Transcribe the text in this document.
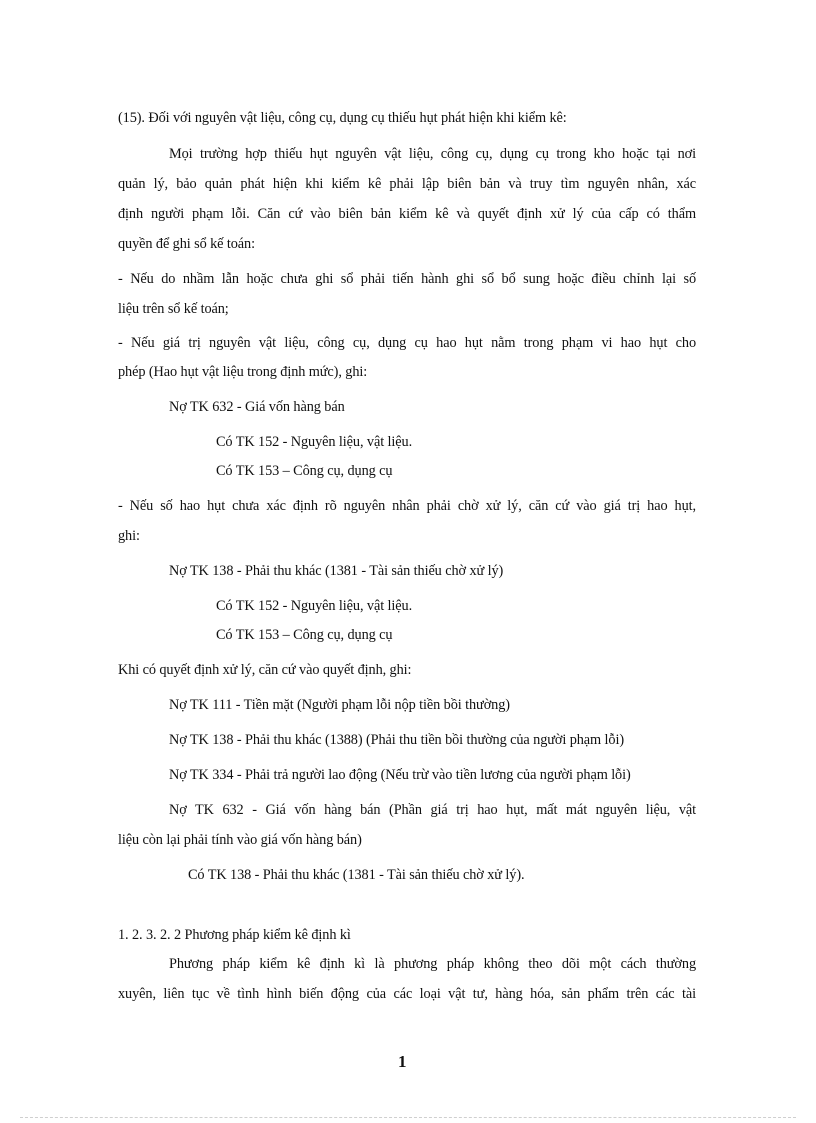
(15). Đối với nguyên vật liệu, công cụ, dụng cụ thiếu hụt phát hiện khi kiểm kê:
Mọi trường hợp thiếu hụt nguyên vật liệu, công cụ, dụng cụ trong kho hoặc tại nơi
quản lý, bảo quản phát hiện khi kiểm kê phải lập biên bản và truy tìm nguyên nhân, xác
định người phạm lỗi. Căn cứ vào biên bản kiểm kê và quyết định xử lý của cấp có thẩm
quyền để ghi sổ kế toán:
- Nếu do nhầm lẫn hoặc chưa ghi sổ phải tiến hành ghi sổ bổ sung hoặc điều chỉnh lại số
liệu trên sổ kế toán;
- Nếu giá trị nguyên vật liệu, công cụ, dụng cụ hao hụt nằm trong phạm vi hao hụt cho
phép (Hao hụt vật liệu trong định mức), ghi:
Nợ TK 632 - Giá vốn hàng bán
Có TK 152 - Nguyên liệu, vật liệu.
Có TK 153 – Công cụ, dụng cụ
- Nếu số hao hụt chưa xác định rõ nguyên nhân phải chờ xử lý, căn cứ vào giá trị hao hụt,
ghi:
Nợ TK 138 - Phải thu khác (1381 - Tài sản thiếu chờ xử lý)
Có TK 152 - Nguyên liệu, vật liệu.
Có TK 153 – Công cụ, dụng cụ
Khi có quyết định xử lý, căn cứ vào quyết định, ghi:
Nợ TK 111 - Tiền mặt (Người phạm lỗi nộp tiền bồi thường)
Nợ TK 138 - Phải thu khác (1388) (Phải thu tiền bồi thường của người phạm lỗi)
Nợ TK 334 - Phải trả người lao động (Nếu trừ vào tiền lương của người phạm lỗi)
Nợ TK 632 - Giá vốn hàng bán (Phần giá trị hao hụt, mất mát nguyên liệu, vật
liệu còn lại phải tính vào giá vốn hàng bán)
Có TK 138 - Phải thu khác (1381 - Tài sản thiếu chờ xử lý).
1. 2. 3. 2. 2 Phương pháp kiểm kê định kì
Phương pháp kiểm kê định kì là phương pháp không theo dõi một cách thường
xuyên, liên tục về tình hình biến động của các loại vật tư, hàng hóa, sản phẩm trên các tài
1
